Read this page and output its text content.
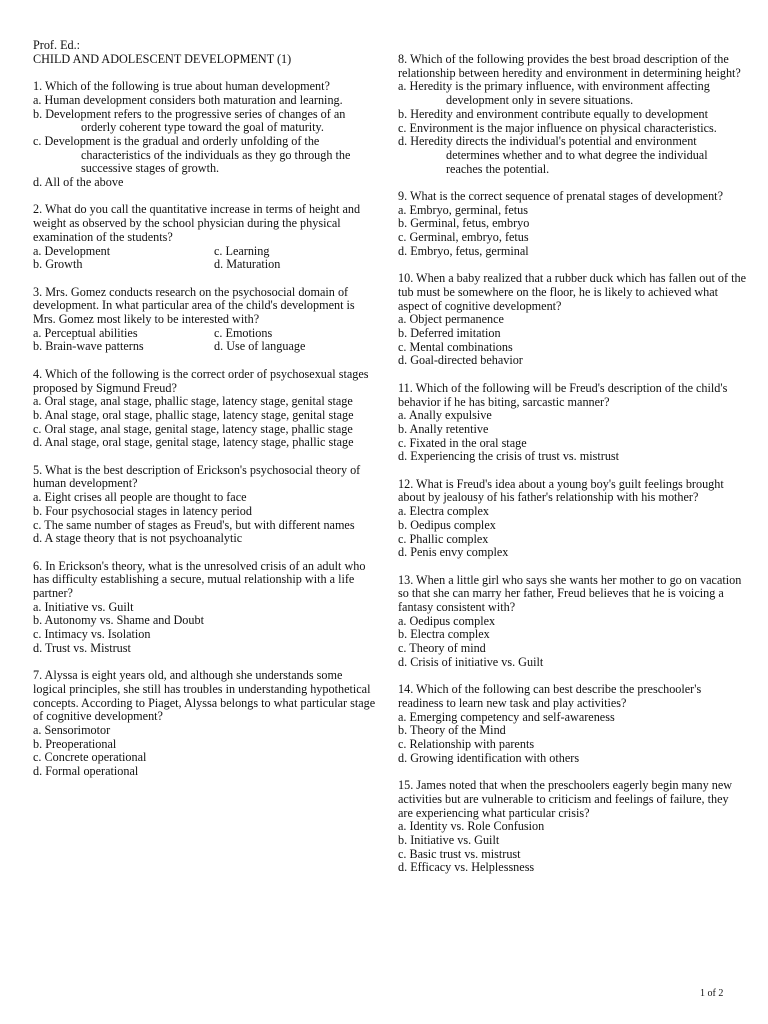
Prof. Ed.:
CHILD AND ADOLESCENT DEVELOPMENT (1)
1. Which of the following is true about human development?
a. Human development considers both maturation and learning.
b. Development refers to the progressive series of changes of an orderly coherent type toward the goal of maturity.
c. Development is the gradual and orderly unfolding of the characteristics of the individuals as they go through the successive stages of growth.
d. All of the above
2. What do you call the quantitative increase in terms of height and weight as observed by the school physician during the physical examination of the students?
a. Development	c. Learning
b. Growth	d. Maturation
3. Mrs. Gomez conducts research on the psychosocial domain of development. In what particular area of the child's development is Mrs. Gomez most likely to be interested with?
a. Perceptual abilities	c. Emotions
b. Brain-wave patterns	d. Use of language
4. Which of the following is the correct order of psychosexual stages proposed by Sigmund Freud?
a. Oral stage, anal stage, phallic stage, latency stage, genital stage
b. Anal stage, oral stage, phallic stage, latency stage, genital stage
c. Oral stage, anal stage, genital stage, latency stage, phallic stage
d. Anal stage, oral stage, genital stage, latency stage, phallic stage
5. What is the best description of Erickson's psychosocial theory of human development?
a. Eight crises all people are thought to face
b. Four psychosocial stages in latency period
c. The same number of stages as Freud's, but with different names
d. A stage theory that is not psychoanalytic
6. In Erickson's theory, what is the unresolved crisis of an adult who has difficulty establishing a secure, mutual relationship with a life partner?
a. Initiative vs. Guilt
b. Autonomy vs. Shame and Doubt
c. Intimacy vs. Isolation
d. Trust vs. Mistrust
7. Alyssa is eight years old, and although she understands some logical principles, she still has troubles in understanding hypothetical concepts. According to Piaget, Alyssa belongs to what particular stage of cognitive development?
a. Sensorimotor
b. Preoperational
c. Concrete operational
d. Formal operational
8. Which of the following provides the best broad description of the relationship between heredity and environment in determining height?
a. Heredity is the primary influence, with environment affecting development only in severe situations.
b. Heredity and environment contribute equally to development
c. Environment is the major influence on physical characteristics.
d. Heredity directs the individual's potential and environment determines whether and to what degree the individual reaches the potential.
9. What is the correct sequence of prenatal stages of development?
a. Embryo, germinal, fetus
b. Germinal, fetus, embryo
c. Germinal, embryo, fetus
d. Embryo, fetus, germinal
10. When a baby realized that a rubber duck which has fallen out of the tub must be somewhere on the floor, he is likely to achieved what aspect of cognitive development?
a. Object permanence
b. Deferred imitation
c. Mental combinations
d. Goal-directed behavior
11. Which of the following will be Freud's description of the child's behavior if he has biting, sarcastic manner?
a. Anally expulsive
b. Anally retentive
c. Fixated in the oral stage
d. Experiencing the crisis of trust vs. mistrust
12. What is Freud's idea about a young boy's guilt feelings brought about by jealousy of his father's relationship with his mother?
a. Electra complex
b. Oedipus complex
c. Phallic complex
d. Penis envy complex
13. When a little girl who says she wants her mother to go on vacation so that she can marry her father, Freud believes that he is voicing a fantasy consistent with?
a. Oedipus complex
b. Electra complex
c. Theory of mind
d. Crisis of initiative vs. Guilt
14. Which of the following can best describe the preschooler's readiness to learn new task and play activities?
a. Emerging competency and self-awareness
b. Theory of the Mind
c. Relationship with parents
d. Growing identification with others
15. James noted that when the preschoolers eagerly begin many new activities but are vulnerable to criticism and feelings of failure, they are experiencing what particular crisis?
a. Identity vs. Role Confusion
b. Initiative vs. Guilt
c. Basic trust vs. mistrust
d. Efficacy vs. Helplessness
1 of 2
